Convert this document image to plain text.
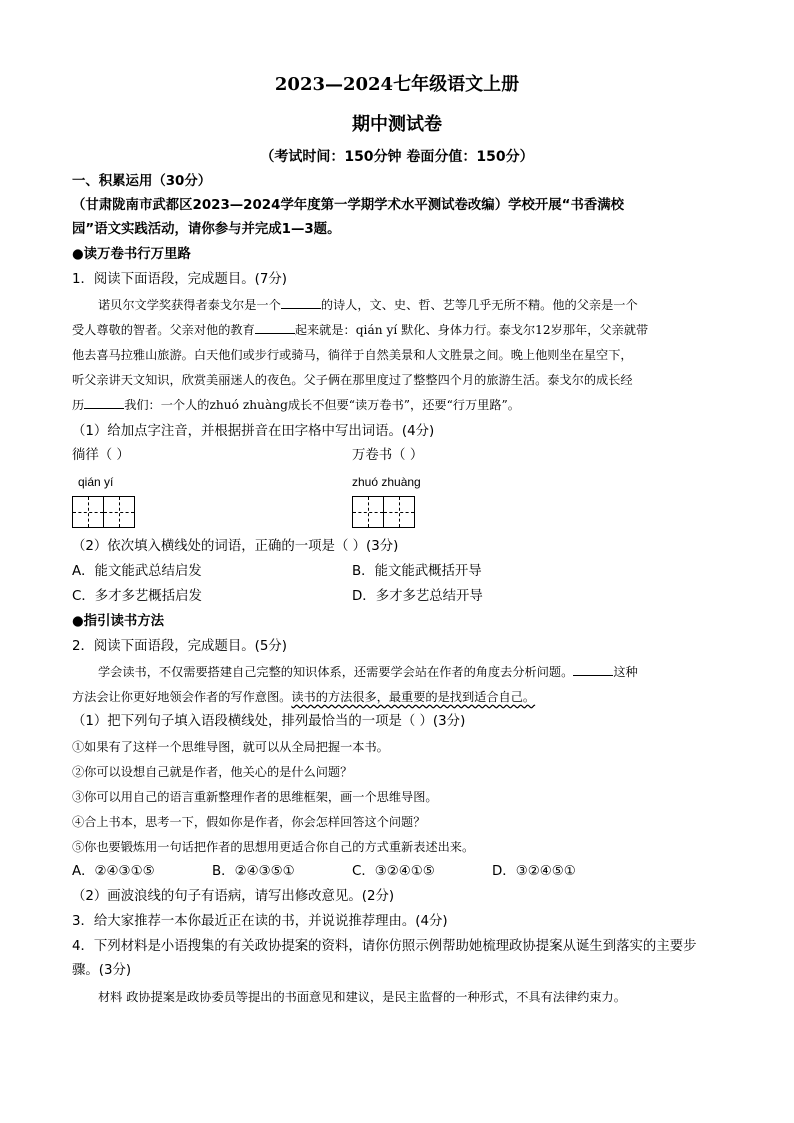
2023—2024七年级语文上册
期中测试卷
（考试时间：150分钟 卷面分值：150分）
一、积累运用（30分）
（甘肃陇南市武都区2023—2024学年度第一学期学术水平测试卷改编）学校开展“书香满校
园”语文实践活动，请你参与并完成1—3题。
●读万卷书行万里路
1．阅读下面语段，完成题目。(7分)
诺贝尔文学奖获得者泰戈尔是一个	的诗人，文、史、哲、艺等几乎无所不精。他的父亲是一个
受人尊敬的智者。父亲对他的教育	起来就是：qián yí 默化、身体力行。泰戈尔12岁那年，父亲就带
他去喜马拉雅山旅游。白天他们或步行或骑马，徜徉于自然美景和人文胜景之间。晚上他则坐在星空下，
听父亲讲天文知识，欣赏美丽迷人的夜色。父子俩在那里度过了整整四个月的旅游生活。泰戈尔的成长经
历	我们：一个人的zhuó zhuàng成长不但要“读万卷书”，还要“行万里路”。
（1）给加点字注音，并根据拼音在田字格中写出词语。(4分)
徜徉（ ）	万卷书（ ）
qián yí	zhuó zhuàng
（2）依次填入横线处的词语，正确的一项是（ ）(3分)
A．能文能武总结启发	B．能文能武概括开导
C．多才多艺概括启发	D．多才多艺总结开导
●指引读书方法
2．阅读下面语段，完成题目。(5分)
学会读书，不仅需要搭建自己完整的知识体系，还需要学会站在作者的角度去分析问题。	这种
方法会让你更好地领会作者的写作意图。读书的方法很多，最重要的是找到适合自己。
（1）把下列句子填入语段横线处，排列最恰当的一项是（ ）(3分)
①如果有了这样一个思维导图，就可以从全局把握一本书。
②你可以设想自己就是作者，他关心的是什么问题？
③你可以用自己的语言重新整理作者的思维框架，画一个思维导图。
④合上书本，思考一下，假如你是作者，你会怎样回答这个问题？
⑤你也要锻炼用一句话把作者的思想用更适合你自己的方式重新表述出来。
A．②④③①⑤	B．②④③⑤①	C．③②④①⑤	D．③②④⑤①
（2）画波浪线的句子有语病，请写出修改意见。(2分)
3．给大家推荐一本你最近正在读的书，并说说推荐理由。(4分)
4．下列材料是小语搜集的有关政协提案的资料，请你仿照示例帮助她梳理政协提案从诞生到落实的主要步
骤。(3分)
材料 政协提案是政协委员等提出的书面意见和建议，是民主监督的一种形式，不具有法律约束力。
